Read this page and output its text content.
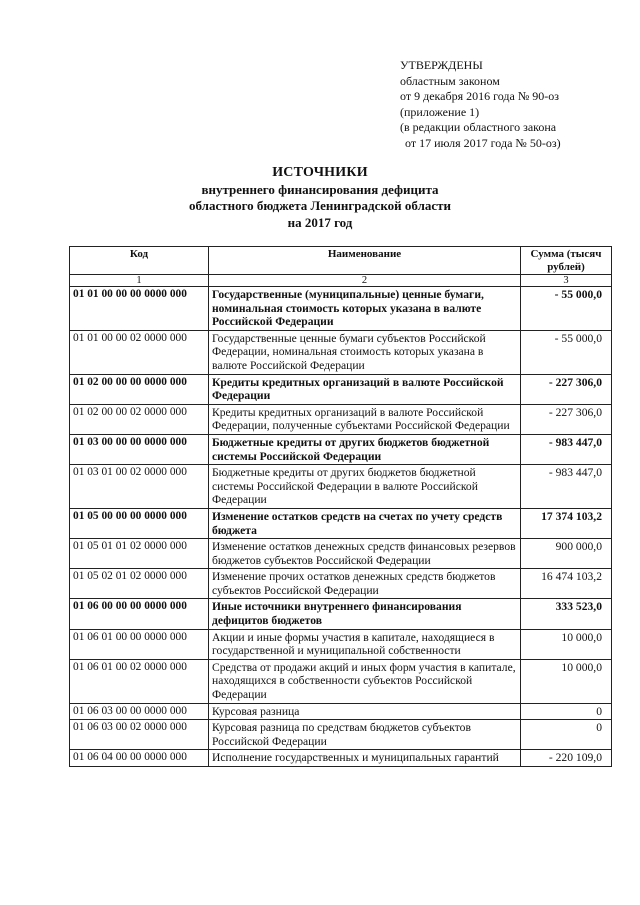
УТВЕРЖДЕНЫ
областным законом
от 9 декабря 2016 года № 90-оз
(приложение 1)
(в редакции областного закона
от 17 июля 2017 года № 50-оз)
ИСТОЧНИКИ
внутреннего финансирования дефицита
областного бюджета Ленинградской области
на 2017 год
Код	Наименование	Сумма (тысяч рублей)
1	2	3
01 01 00 00 00 0000 000	Государственные (муниципальные) ценные бумаги, номинальная стоимость которых указана в валюте Российской Федерации	- 55 000,0
01 01 00 00 02 0000 000	Государственные ценные бумаги субъектов Российской Федерации, номинальная стоимость которых указана в валюте Российской Федерации	- 55 000,0
01 02 00 00 00 0000 000	Кредиты кредитных организаций в валюте Российской Федерации	- 227 306,0
01 02 00 00 02 0000 000	Кредиты кредитных организаций в валюте Российской Федерации, полученные субъектами Российской Федерации	- 227 306,0
01 03 00 00 00 0000 000	Бюджетные кредиты от других бюджетов бюджетной системы Российской Федерации	- 983 447,0
01 03 01 00 02 0000 000	Бюджетные кредиты от других бюджетов бюджетной системы Российской Федерации в валюте Российской Федерации	- 983 447,0
01 05 00 00 00 0000 000	Изменение остатков средств на счетах по учету средств бюджета	17 374 103,2
01 05 01 01 02 0000 000	Изменение остатков денежных средств финансовых резервов бюджетов субъектов Российской Федерации	900 000,0
01 05 02 01 02 0000 000	Изменение прочих остатков денежных средств бюджетов субъектов Российской Федерации	16 474 103,2
01 06 00 00 00 0000 000	Иные источники внутреннего финансирования дефицитов бюджетов	333 523,0
01 06 01 00 00 0000 000	Акции и иные формы участия в капитале, находящиеся в государственной и муниципальной собственности	10 000,0
01 06 01 00 02 0000 000	Средства от продажи акций и иных форм участия в капитале, находящихся в собственности субъектов Российской Федерации	10 000,0
01 06 03 00 00 0000 000	Курсовая разница	0
01 06 03 00 02 0000 000	Курсовая разница по средствам бюджетов субъектов Российской Федерации	0
01 06 04 00 00 0000 000	Исполнение государственных и муниципальных гарантий	- 220 109,0
